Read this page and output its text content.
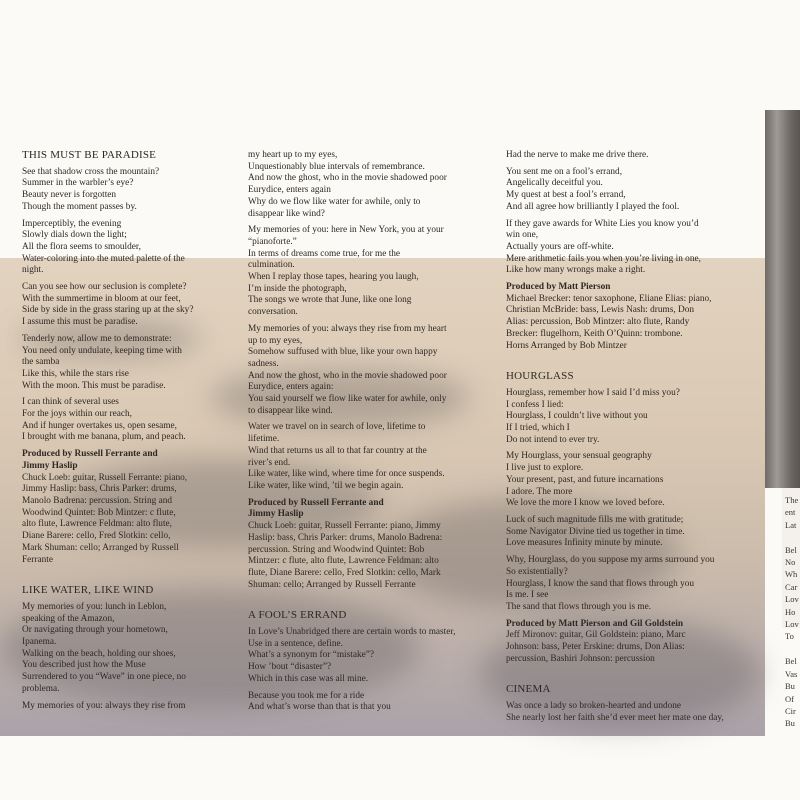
The
ent
Lat

Bel
No
Wh
Car
Lov
Ho
Lov
To

Bel
Vas
Bu
Of
Cir
Bu
THIS MUST BE PARADISE

See that shadow cross the mountain?
Summer in the warbler’s eye?
Beauty never is forgotten
Though the moment passes by.

Imperceptibly, the evening
Slowly dials down the light;
All the flora seems to smoulder,
Water-coloring into the muted palette of the
night.

Can you see how our seclusion is complete?
With the summertime in bloom at our feet,
Side by side in the grass staring up at the sky?
I assume this must be paradise.

Tenderly now, allow me to demonstrate:
You need only undulate, keeping time with
the samba
Like this, while the stars rise
With the moon. This must be paradise.

I can think of several uses
For the joys within our reach,
And if hunger overtakes us, open sesame,
I brought with me banana, plum, and peach.

Produced by Russell Ferrante and
Jimmy Haslip

Chuck Loeb: guitar, Russell Ferrante: piano,
Jimmy Haslip: bass, Chris Parker: drums,
Manolo Badrena: percussion. String and
Woodwind Quintet: Bob Mintzer: c flute,
alto flute, Lawrence Feldman: alto flute,
Diane Barere: cello, Fred Slotkin: cello,
Mark Shuman: cello; Arranged by Russell
Ferrante

LIKE WATER, LIKE WIND

My memories of you: lunch in Leblon,
speaking of the Amazon,
Or navigating through your hometown,
Ipanema.
Walking on the beach, holding our shoes,
You described just how the Muse
Surrendered to you “Wave” in one piece, no
problema.

My memories of you: always they rise from

my heart up to my eyes,
Unquestionably blue intervals of remembrance.
And now the ghost, who in the movie shadowed poor
Eurydice, enters again
Why do we flow like water for awhile, only to
disappear like wind?

My memories of you: here in New York, you at your
“pianoforte.”
In terms of dreams come true, for me the
culmination.
When I replay those tapes, hearing you laugh,
I’m inside the photograph,
The songs we wrote that June, like one long
conversation.

My memories of you: always they rise from my heart
up to my eyes,
Somehow suffused with blue, like your own happy
sadness.
And now the ghost, who in the movie shadowed poor
Eurydice, enters again:
You said yourself we flow like water for awhile, only
to disappear like wind.

Water we travel on in search of love, lifetime to
lifetime.
Wind that returns us all to that far country at the
river’s end.
Like water, like wind, where time for once suspends.
Like water, like wind, ’til we begin again.

Produced by Russell Ferrante and
Jimmy Haslip

Chuck Loeb: guitar, Russell Ferrante: piano, Jimmy
Haslip: bass, Chris Parker: drums, Manolo Badrena:
percussion. String and Woodwind Quintet: Bob
Mintzer: c flute, alto flute, Lawrence Feldman: alto
flute, Diane Barere: cello, Fred Slotkin: cello, Mark
Shuman: cello; Arranged by Russell Ferrante

A FOOL’S ERRAND

In Love’s Unabridged there are certain words to master,
Use in a sentence, define.
What’s a synonym for “mistake”?
How ’bout “disaster”?
Which in this case was all mine.

Because you took me for a ride
And what’s worse than that is that you

Had the nerve to make me drive there.

You sent me on a fool’s errand,
Angelically deceitful you.
My quest at best a fool’s errand,
And all agree how brilliantly I played the fool.

If they gave awards for White Lies you know you’d
win one,
Actually yours are off-white.
Mere arithmetic fails you when you’re living in one,
Like how many wrongs make a right.

Produced by Matt Pierson

Michael Brecker: tenor saxophone, Eliane Elias: piano,
Christian McBride: bass, Lewis Nash: drums, Don
Alias: percussion, Bob Mintzer: alto flute, Randy
Brecker: flugelhorn, Keith O’Quinn: trombone.
Horns Arranged by Bob Mintzer

HOURGLASS

Hourglass, remember how I said I’d miss you?
I confess I lied:
Hourglass, I couldn’t live without you
If I tried, which I
Do not intend to ever try.

My Hourglass, your sensual geography
I live just to explore.
Your present, past, and future incarnations
I adore. The more
We love the more I know we loved before.

Luck of such magnitude fills me with gratitude;
Some Navigator Divine tied us together in time.
Love measures Infinity minute by minute.

Why, Hourglass, do you suppose my arms surround you
So existentially?
Hourglass, I know the sand that flows through you
Is me. I see
The sand that flows through you is me.

Produced by Matt Pierson and Gil Goldstein

Jeff Mironov: guitar, Gil Goldstein: piano, Marc
Johnson: bass, Peter Erskine: drums, Don Alias:
percussion, Bashiri Johnson: percussion

CINEMA

Was once a lady so broken-hearted and undone
She nearly lost her faith she’d ever meet her mate one day,
